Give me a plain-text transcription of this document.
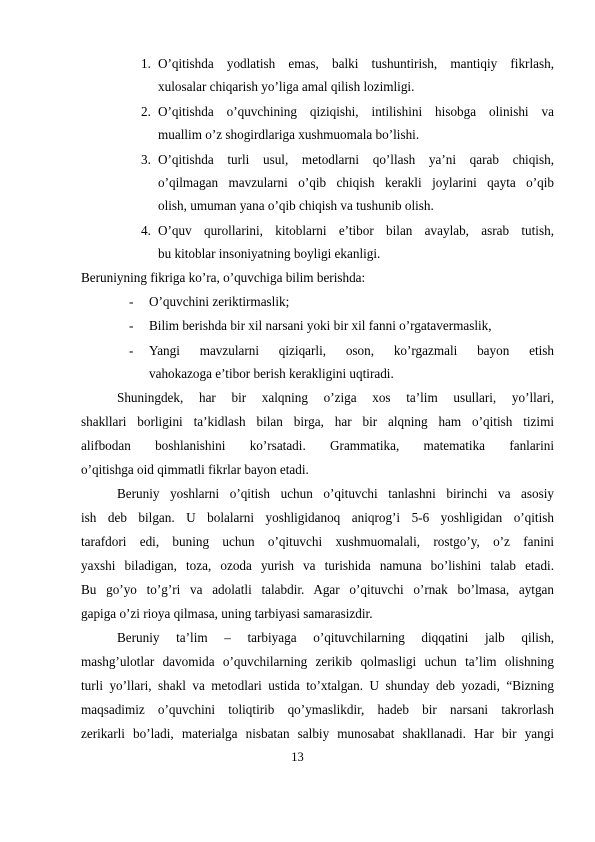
1. O’qitishda yodlatish emas, balki tushuntirish, mantiqiy fikrlash,
xulosalar chiqarish yo’liga amal qilish lozimligi.
2. O’qitishda o’quvchining qiziqishi, intilishini hisobga olinishi va
muallim o’z shogirdlariga xushmuomala bo’lishi.
3. O’qitishda turli usul, metodlarni qo’llash ya’ni qarab chiqish,
o’qilmagan mavzularni o’qib chiqish kerakli joylarini qayta o’qib
olish, umuman yana o’qib chiqish va tushunib olish.
4. O’quv qurollarini, kitoblarni e’tibor bilan avaylab, asrab tutish,
bu kitoblar insoniyatning boyligi ekanligi.
Beruniyning fikriga ko’ra, o’quvchiga bilim berishda:
- O’quvchini zeriktirmaslik;
- Bilim berishda bir xil narsani yoki bir xil fanni o’rgatavermaslik,
- Yangi mavzularni qiziqarli, oson, ko’rgazmali bayon etish
vahokazoga e’tibor berish kerakligini uqtiradi.
Shuningdek, har bir xalqning o’ziga xos ta’lim usullari, yo’llari,
shakllari borligini ta’kidlash bilan birga, har bir alqning ham o’qitish tizimi
alifbodan boshlanishini ko’rsatadi. Grammatika, matematika fanlarini
o’qitishga oid qimmatli fikrlar bayon etadi.
Beruniy yoshlarni o’qitish uchun o’qituvchi tanlashni birinchi va asosiy
ish deb bilgan. U bolalarni yoshligidanoq aniqrog’i 5-6 yoshligidan o’qitish
tarafdori edi, buning uchun o’qituvchi xushmuomalali, rostgo’y, o’z fanini
yaxshi biladigan, toza, ozoda yurish va turishida namuna bo’lishini talab etadi.
Bu go’yo to’g’ri va adolatli talabdir. Agar o’qituvchi o’rnak bo’lmasa, aytgan
gapiga o’zi rioya qilmasa, uning tarbiyasi samarasizdir.
Beruniy ta’lim – tarbiyaga o’qituvchilarning diqqatini jalb qilish,
mashg’ulotlar davomida o’quvchilarning zerikib qolmasligi uchun ta’lim olishning
turli yo’llari, shakl va metodlari ustida to’xtalgan. U shunday deb yozadi, “Bizning
maqsadimiz o’quvchini toliqtirib qo’ymaslikdir, hadeb bir narsani takrorlash
zerikarli bo’ladi, materialga nisbatan salbiy munosabat shakllanadi. Har bir yangi
13
